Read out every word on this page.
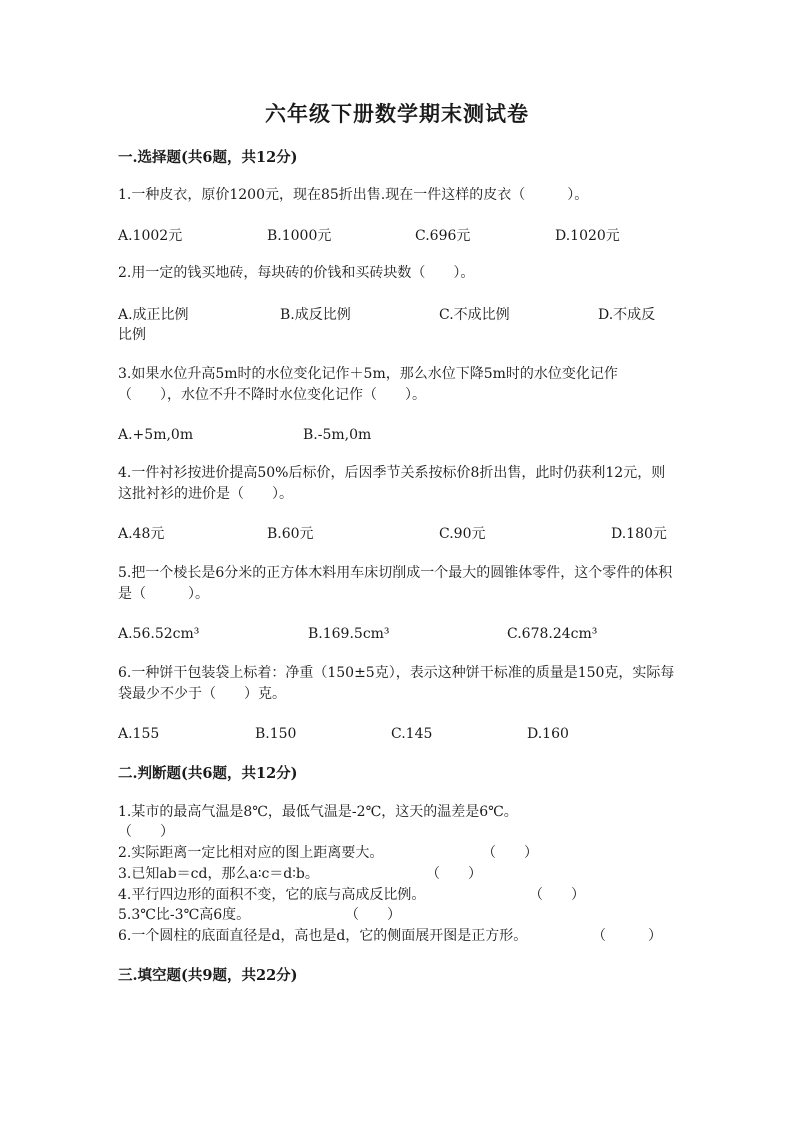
六年级下册数学期末测试卷
一.选择题(共6题，共12分)
1.一种皮衣，原价1200元，现在85折出售.现在一件这样的皮衣（　　　）。
A.1002元	B.1000元	C.696元	D.1020元
2.用一定的钱买地砖，每块砖的价钱和买砖块数（　　）。
A.成正比例	B.成反比例	C.不成比例	D.不成反
比例
3.如果水位升高5m时的水位变化记作＋5m，那么水位下降5m时的水位变化记作（　　），水位不升不降时水位变化记作（　　）。
A.+5m,0m	B.-5m,0m
4.一件衬衫按进价提高50%后标价，后因季节关系按标价8折出售，此时仍获利12元，则这批衬衫的进价是（　　）。
A.48元	B.60元	C.90元	D.180元
5.把一个棱长是6分米的正方体木料用车床切削成一个最大的圆锥体零件，这个零件的体积是（　　　）。
A.56.52cm³	B.169.5cm³	C.678.24cm³
6.一种饼干包装袋上标着：净重（150±5克），表示这种饼干标准的质量是150克，实际每袋最少不少于（　　）克。
A.155	B.150	C.145	D.160
二.判断题(共6题，共12分)
1.某市的最高气温是8℃，最低气温是-2℃，这天的温差是6℃。
（　　）
2.实际距离一定比相对应的图上距离要大。	（　　）
3.已知ab＝cd，那么a∶c＝d∶b。	（　　）
4.平行四边形的面积不变，它的底与高成反比例。	（　　）
5.3℃比-3℃高6度。	（　　）
6.一个圆柱的底面直径是d，高也是d，它的侧面展开图是正方形。	（　　　）
三.填空题(共9题，共22分)
